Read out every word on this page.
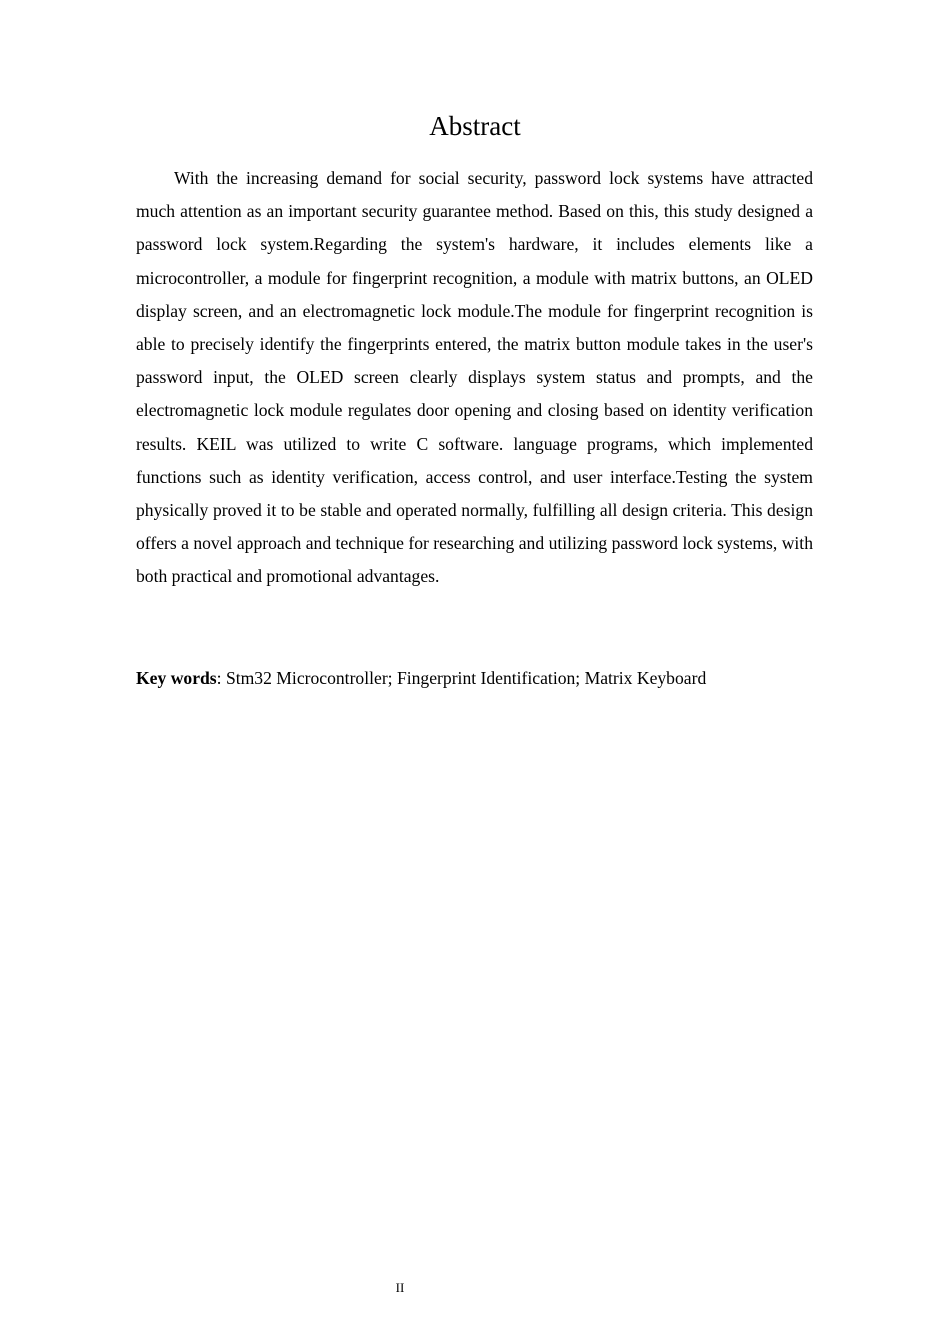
Abstract

With the increasing demand for social security, password lock systems have attracted much attention as an important security guarantee method. Based on this, this study designed a password lock system.Regarding the system's hardware, it includes elements like a microcontroller, a module for fingerprint recognition, a module with matrix buttons, an OLED display screen, and an electromagnetic lock module.The module for fingerprint recognition is able to precisely identify the fingerprints entered, the matrix button module takes in the user's password input, the OLED screen clearly displays system status and prompts, and the electromagnetic lock module regulates door opening and closing based on identity verification results. KEIL was utilized to write C software. language programs, which implemented functions such as identity verification, access control, and user interface.Testing the system physically proved it to be stable and operated normally, fulfilling all design criteria. This design offers a novel approach and technique for researching and utilizing password lock systems, with both practical and promotional advantages.

Key words: Stm32 Microcontroller; Fingerprint Identification; Matrix Keyboard

II
